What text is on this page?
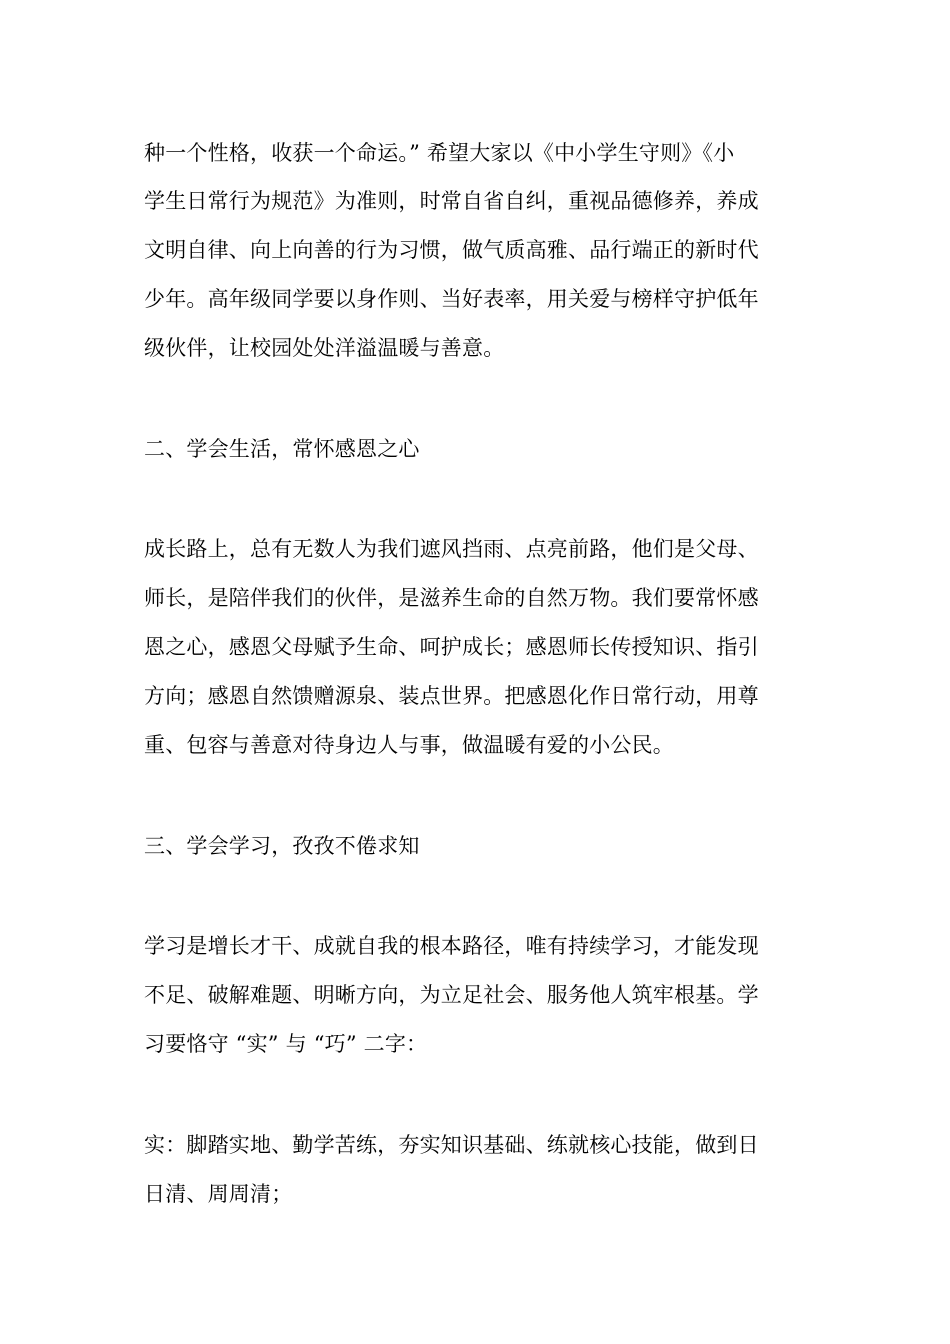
种一个性格，收获一个命运。” 希望大家以《中小学生守则》《小

学生日常行为规范》为准则，时常自省自纠，重视品德修养，养成

文明自律、向上向善的行为习惯，做气质高雅、品行端正的新时代

少年。高年级同学要以身作则、当好表率，用关爱与榜样守护低年

级伙伴，让校园处处洋溢温暖与善意。

二、学会生活，常怀感恩之心

成长路上，总有无数人为我们遮风挡雨、点亮前路，他们是父母、

师长，是陪伴我们的伙伴，是滋养生命的自然万物。我们要常怀感

恩之心，感恩父母赋予生命、呵护成长；感恩师长传授知识、指引

方向；感恩自然馈赠源泉、装点世界。把感恩化作日常行动，用尊

重、包容与善意对待身边人与事，做温暖有爱的小公民。

三、学会学习，孜孜不倦求知

学习是增长才干、成就自我的根本路径，唯有持续学习，才能发现

不足、破解难题、明晰方向，为立足社会、服务他人筑牢根基。学

习要恪守 “实” 与 “巧” 二字：

实：脚踏实地、勤学苦练，夯实知识基础、练就核心技能，做到日

日清、周周清；
